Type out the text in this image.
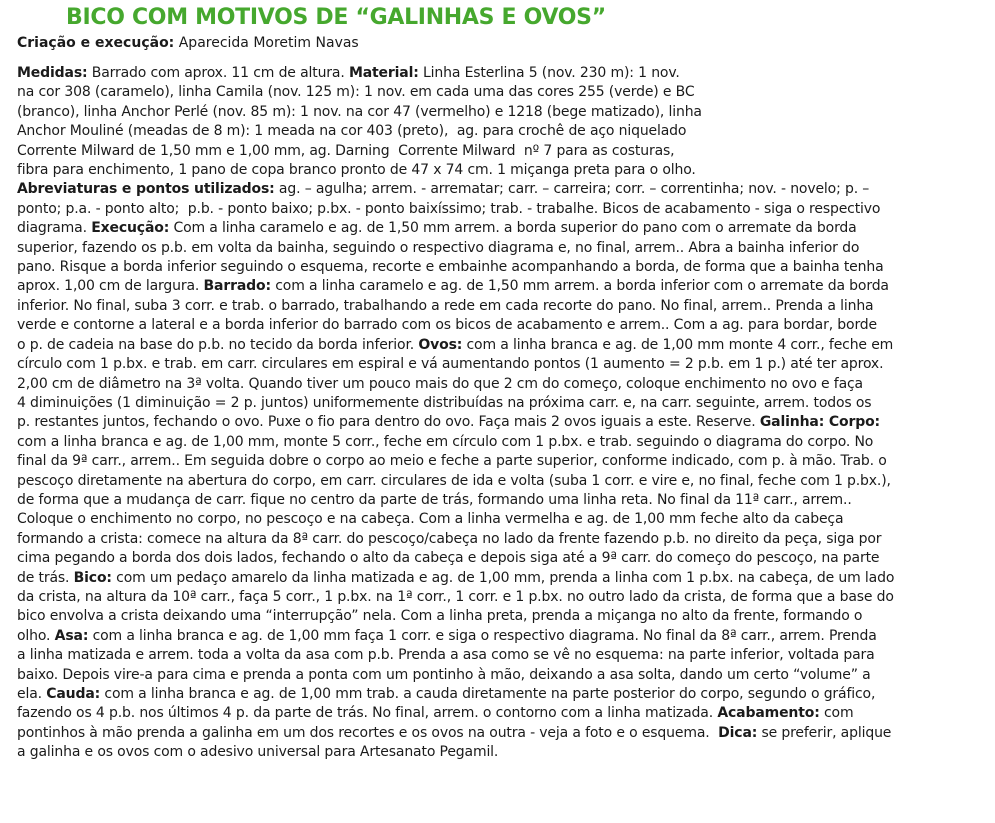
BICO COM MOTIVOS DE “GALINHAS E OVOS”

Criação e execução: Aparecida Moretim Navas

Medidas: Barrado com aprox. 11 cm de altura. Material: Linha Esterlina 5 (nov. 230 m): 1 nov.
na cor 308 (caramelo), linha Camila (nov. 125 m): 1 nov. em cada uma das cores 255 (verde) e BC
(branco), linha Anchor Perlé (nov. 85 m): 1 nov. na cor 47 (vermelho) e 1218 (bege matizado), linha
Anchor Mouliné (meadas de 8 m): 1 meada na cor 403 (preto),  ag. para crochê de aço niquelado
Corrente Milward de 1,50 mm e 1,00 mm, ag. Darning  Corrente Milward  nº 7 para as costuras,
fibra para enchimento, 1 pano de copa branco pronto de 47 x 74 cm. 1 miçanga preta para o olho.
Abreviaturas e pontos utilizados: ag. – agulha; arrem. - arrematar; carr. – carreira; corr. – correntinha; nov. - novelo; p. –
ponto; p.a. - ponto alto;  p.b. - ponto baixo; p.bx. - ponto baixíssimo; trab. - trabalhe. Bicos de acabamento - siga o respectivo
diagrama. Execução: Com a linha caramelo e ag. de 1,50 mm arrem. a borda superior do pano com o arremate da borda
superior, fazendo os p.b. em volta da bainha, seguindo o respectivo diagrama e, no final, arrem.. Abra a bainha inferior do
pano. Risque a borda inferior seguindo o esquema, recorte e embainhe acompanhando a borda, de forma que a bainha tenha
aprox. 1,00 cm de largura. Barrado: com a linha caramelo e ag. de 1,50 mm arrem. a borda inferior com o arremate da borda
inferior. No final, suba 3 corr. e trab. o barrado, trabalhando a rede em cada recorte do pano. No final, arrem.. Prenda a linha
verde e contorne a lateral e a borda inferior do barrado com os bicos de acabamento e arrem.. Com a ag. para bordar, borde
o p. de cadeia na base do p.b. no tecido da borda inferior. Ovos: com a linha branca e ag. de 1,00 mm monte 4 corr., feche em
círculo com 1 p.bx. e trab. em carr. circulares em espiral e vá aumentando pontos (1 aumento = 2 p.b. em 1 p.) até ter aprox.
2,00 cm de diâmetro na 3ª volta. Quando tiver um pouco mais do que 2 cm do começo, coloque enchimento no ovo e faça
4 diminuições (1 diminuição = 2 p. juntos) uniformemente distribuídas na próxima carr. e, na carr. seguinte, arrem. todos os
p. restantes juntos, fechando o ovo. Puxe o fio para dentro do ovo. Faça mais 2 ovos iguais a este. Reserve. Galinha: Corpo:
com a linha branca e ag. de 1,00 mm, monte 5 corr., feche em círculo com 1 p.bx. e trab. seguindo o diagrama do corpo. No
final da 9ª carr., arrem.. Em seguida dobre o corpo ao meio e feche a parte superior, conforme indicado, com p. à mão. Trab. o
pescoço diretamente na abertura do corpo, em carr. circulares de ida e volta (suba 1 corr. e vire e, no final, feche com 1 p.bx.),
de forma que a mudança de carr. fique no centro da parte de trás, formando uma linha reta. No final da 11ª carr., arrem..
Coloque o enchimento no corpo, no pescoço e na cabeça. Com a linha vermelha e ag. de 1,00 mm feche alto da cabeça
formando a crista: comece na altura da 8ª carr. do pescoço/cabeça no lado da frente fazendo p.b. no direito da peça, siga por
cima pegando a borda dos dois lados, fechando o alto da cabeça e depois siga até a 9ª carr. do começo do pescoço, na parte
de trás. Bico: com um pedaço amarelo da linha matizada e ag. de 1,00 mm, prenda a linha com 1 p.bx. na cabeça, de um lado
da crista, na altura da 10ª carr., faça 5 corr., 1 p.bx. na 1ª corr., 1 corr. e 1 p.bx. no outro lado da crista, de forma que a base do
bico envolva a crista deixando uma “interrupção” nela. Com a linha preta, prenda a miçanga no alto da frente, formando o
olho. Asa: com a linha branca e ag. de 1,00 mm faça 1 corr. e siga o respectivo diagrama. No final da 8ª carr., arrem. Prenda
a linha matizada e arrem. toda a volta da asa com p.b. Prenda a asa como se vê no esquema: na parte inferior, voltada para
baixo. Depois vire-a para cima e prenda a ponta com um pontinho à mão, deixando a asa solta, dando um certo “volume” a
ela. Cauda: com a linha branca e ag. de 1,00 mm trab. a cauda diretamente na parte posterior do corpo, segundo o gráfico,
fazendo os 4 p.b. nos últimos 4 p. da parte de trás. No final, arrem. o contorno com a linha matizada. Acabamento: com
pontinhos à mão prenda a galinha em um dos recortes e os ovos na outra - veja a foto e o esquema.  Dica: se preferir, aplique
a galinha e os ovos com o adesivo universal para Artesanato Pegamil.
